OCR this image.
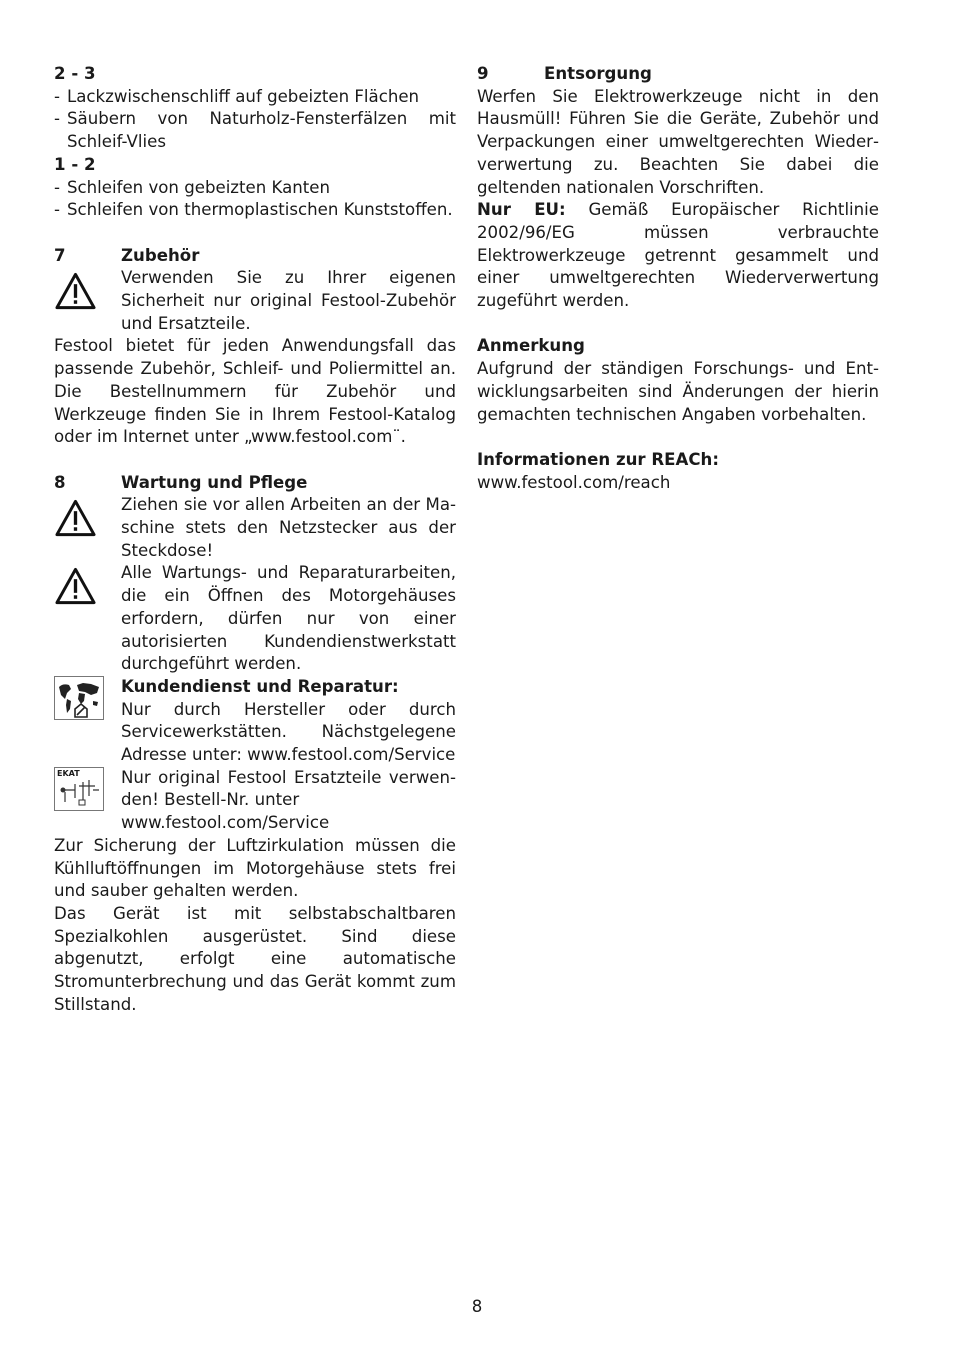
2 - 3

- Lackzwischenschliff auf gebeizten Flächen
- Säubern von Naturholz-Fensterfälzen mit Schleif-Vlies

1 - 2

- Schleifen von gebeizten Kanten
- Schleifen von thermoplastischen Kunststoffen.
7	Zubehör
Verwenden Sie zu Ihrer eigenen Sicherheit nur original Festool-Zubehör und Ersatzteile.

Festool bietet für jeden Anwendungsfall das passende Zubehör, Schleif- und Poliermittel an. Die Bestellnummern für Zubehör und Werkzeuge finden Sie in Ihrem Festool-Katalog oder im Internet unter „www.festool.com¨.

8	Wartung und Pflege
Ziehen sie vor allen Arbeiten an der Maschine stets den Netzstecker aus der Steckdose!
Alle Wartungs- und Reparaturarbeiten, die ein Öffnen des Motorgehäuses erfordern, dürfen nur von einer autorisierten Kundendienstwerkstatt durchgeführt werden.

Kundendienst und Reparatur:

Nur durch Hersteller oder durch Servicewerkstätten. Nächstgelegene Adresse unter: www.festool.com/Service

EKAT Nur original Festool Ersatzteile verwenden! Bestell-Nr. unter

www.festool.com/Service

Zur Sicherung der Luftzirkulation müssen die Kühlluftöffnungen im Motorgehäuse stets frei und sauber gehalten werden.

Das Gerät ist mit selbstabschaltbaren Spezialkohlen ausgerüstet. Sind diese abgenutzt, erfolgt eine automatische Stromunterbrechung und das Gerät kommt zum Stillstand.

9	Entsorgung

Werfen Sie Elektrowerkzeuge nicht in den Hausmüll! Führen Sie die Geräte, Zubehör und Verpackungen einer umweltgerechten Wiederverwertung zu. Beachten Sie dabei die geltenden nationalen Vorschriften.

Nur EU: Gemäß Europäischer Richtlinie 2002/96/EG müssen verbrauchte Elektrowerkzeuge getrennt gesammelt und einer umweltgerechten Wiederverwertung zugeführt werden.

Anmerkung

Aufgrund der ständigen Forschungs- und Entwicklungsarbeiten sind Änderungen der hierin gemachten technischen Angaben vorbehalten.

Informationen zur REACh:

www.festool.com/reach

8
